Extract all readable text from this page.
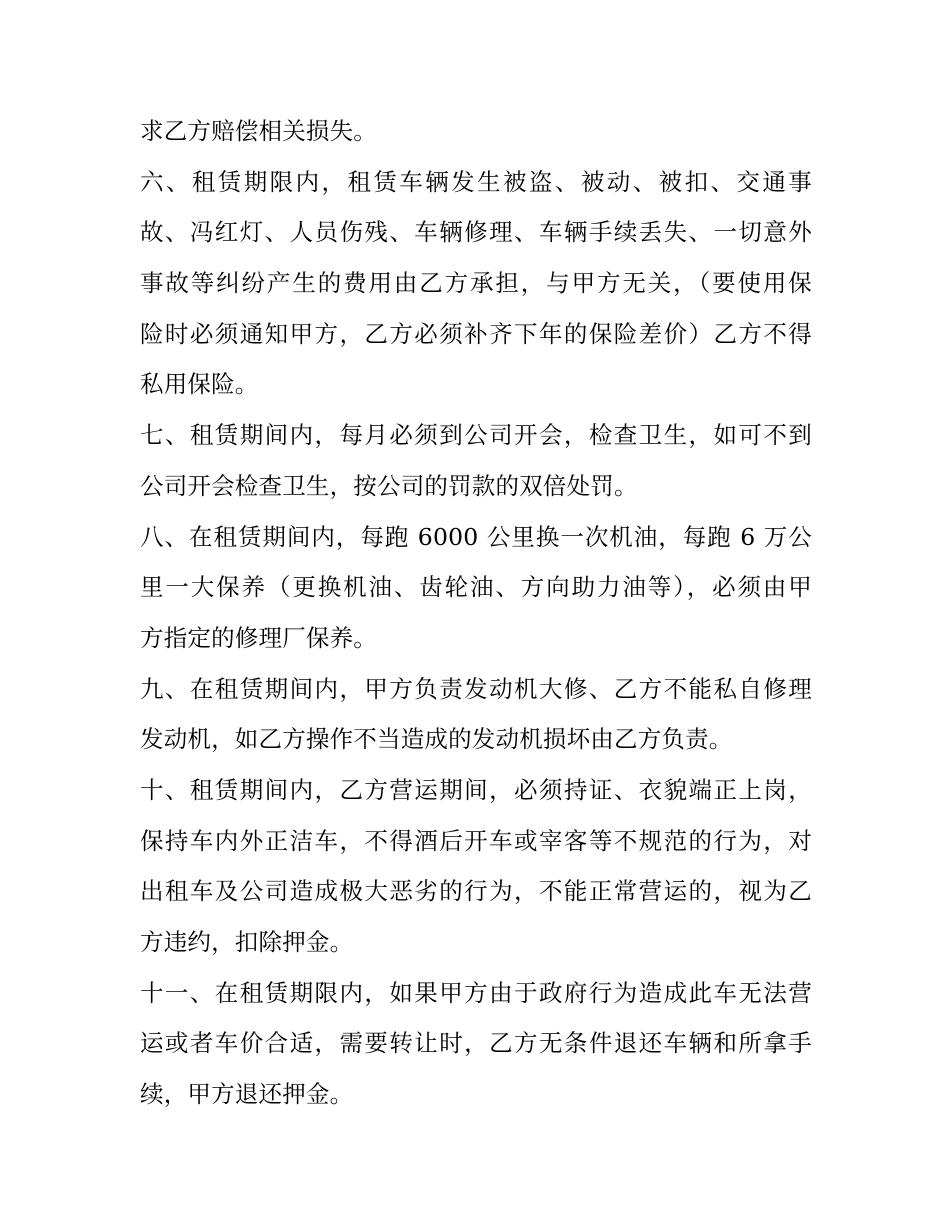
求乙方赔偿相关损失。

六、租赁期限内，租赁车辆发生被盗、被动、被扣、交通事
故、冯红灯、人员伤残、车辆修理、车辆手续丢失、一切意外
事故等纠纷产生的费用由乙方承担，与甲方无关，（要使用保
险时必须通知甲方，乙方必须补齐下年的保险差价）乙方不得
私用保险。

七、租赁期间内，每月必须到公司开会，检查卫生，如可不到
公司开会检查卫生，按公司的罚款的双倍处罚。

八、在租赁期间内，每跑 6000 公里换一次机油，每跑 6 万公
里一大保养（更换机油、齿轮油、方向助力油等），必须由甲
方指定的修理厂保养。

九、在租赁期间内，甲方负责发动机大修、乙方不能私自修理
发动机，如乙方操作不当造成的发动机损坏由乙方负责。

十、租赁期间内，乙方营运期间，必须持证、衣貌端正上岗，
保持车内外正洁车，不得酒后开车或宰客等不规范的行为，对
出租车及公司造成极大恶劣的行为，不能正常营运的，视为乙
方违约，扣除押金。

十一、在租赁期限内，如果甲方由于政府行为造成此车无法营
运或者车价合适，需要转让时，乙方无条件退还车辆和所拿手
续，甲方退还押金。
